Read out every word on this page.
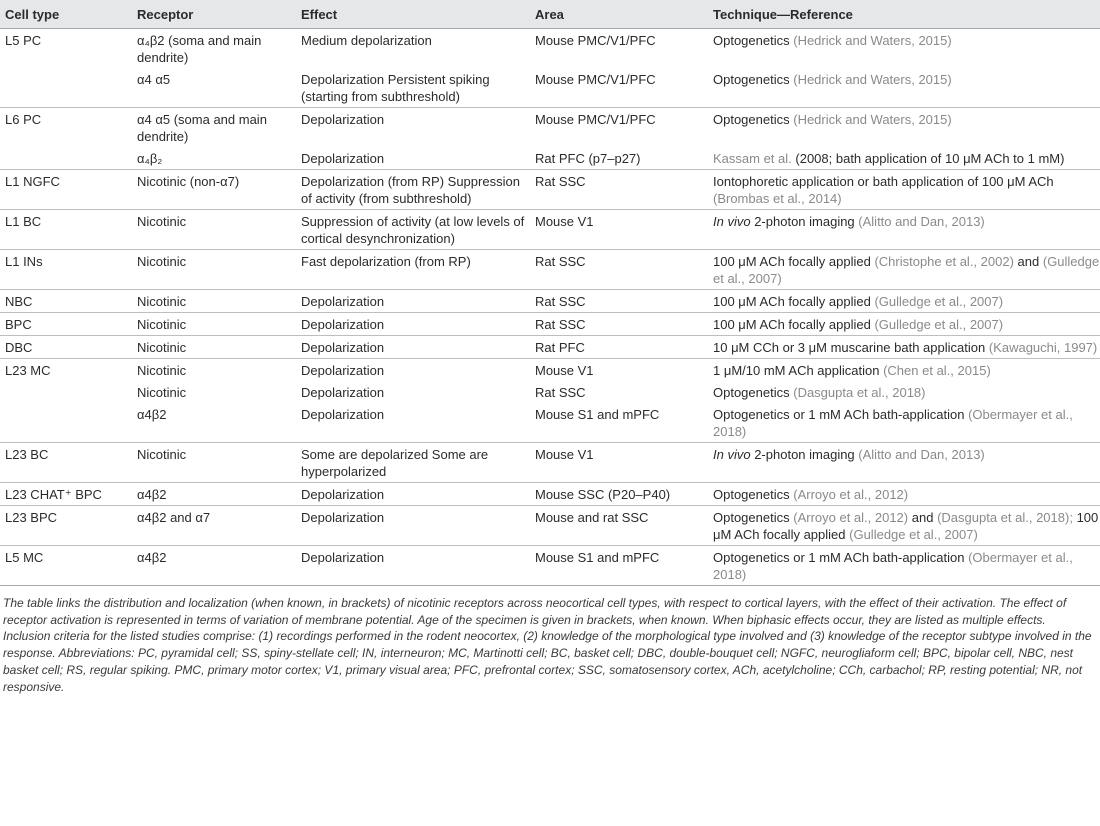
Cell type	Receptor	Effect	Area	Technique—Reference
L5 PC	α₄β2 (soma and main dendrite)	Medium depolarization	Mouse PMC/V1/PFC	Optogenetics (Hedrick and Waters, 2015)
	α4 α5	Depolarization Persistent spiking (starting from subthreshold)	Mouse PMC/V1/PFC	Optogenetics (Hedrick and Waters, 2015)
L6 PC	α4 α5 (soma and main dendrite)	Depolarization	Mouse PMC/V1/PFC	Optogenetics (Hedrick and Waters, 2015)
	α₄β₂	Depolarization	Rat PFC (p7–p27)	Kassam et al. (2008; bath application of 10 μM ACh to 1 mM)
L1 NGFC	Nicotinic (non-α7)	Depolarization (from RP) Suppression of activity (from subthreshold)	Rat SSC	Iontophoretic application or bath application of 100 μM ACh (Brombas et al., 2014)
L1 BC	Nicotinic	Suppression of activity (at low levels of cortical desynchronization)	Mouse V1	In vivo 2-photon imaging (Alitto and Dan, 2013)
L1 INs	Nicotinic	Fast depolarization (from RP)	Rat SSC	100 μM ACh focally applied (Christophe et al., 2002) and (Gulledge et al., 2007)
NBC	Nicotinic	Depolarization	Rat SSC	100 μM ACh focally applied (Gulledge et al., 2007)
BPC	Nicotinic	Depolarization	Rat SSC	100 μM ACh focally applied (Gulledge et al., 2007)
DBC	Nicotinic	Depolarization	Rat PFC	10 μM CCh or 3 μM muscarine bath application (Kawaguchi, 1997)
L23 MC	Nicotinic	Depolarization	Mouse V1	1 μM/10 mM ACh application (Chen et al., 2015)
	Nicotinic	Depolarization	Rat SSC	Optogenetics (Dasgupta et al., 2018)
	α4β2	Depolarization	Mouse S1 and mPFC	Optogenetics or 1 mM ACh bath-application (Obermayer et al., 2018)
L23 BC	Nicotinic	Some are depolarized Some are hyperpolarized	Mouse V1	In vivo 2-photon imaging (Alitto and Dan, 2013)
L23 CHAT⁺ BPC	α4β2	Depolarization	Mouse SSC (P20–P40)	Optogenetics (Arroyo et al., 2012)
L23 BPC	α4β2 and α7	Depolarization	Mouse and rat SSC	Optogenetics (Arroyo et al., 2012) and (Dasgupta et al., 2018); 100 μM ACh focally applied (Gulledge et al., 2007)
L5 MC	α4β2	Depolarization	Mouse S1 and mPFC	Optogenetics or 1 mM ACh bath-application (Obermayer et al., 2018)
The table links the distribution and localization (when known, in brackets) of nicotinic receptors across neocortical cell types, with respect to cortical layers, with the effect of their activation. The effect of receptor activation is represented in terms of variation of membrane potential. Age of the specimen is given in brackets, when known. When biphasic effects occur, they are listed as multiple effects. Inclusion criteria for the listed studies comprise: (1) recordings performed in the rodent neocortex, (2) knowledge of the morphological type involved and (3) knowledge of the receptor subtype involved in the response. Abbreviations: PC, pyramidal cell; SS, spiny-stellate cell; IN, interneuron; MC, Martinotti cell; BC, basket cell; DBC, double-bouquet cell; NGFC, neurogliaform cell; BPC, bipolar cell, NBC, nest basket cell; RS, regular spiking. PMC, primary motor cortex; V1, primary visual area; PFC, prefrontal cortex; SSC, somatosensory cortex, ACh, acetylcholine; CCh, carbachol; RP, resting potential; NR, not responsive.
